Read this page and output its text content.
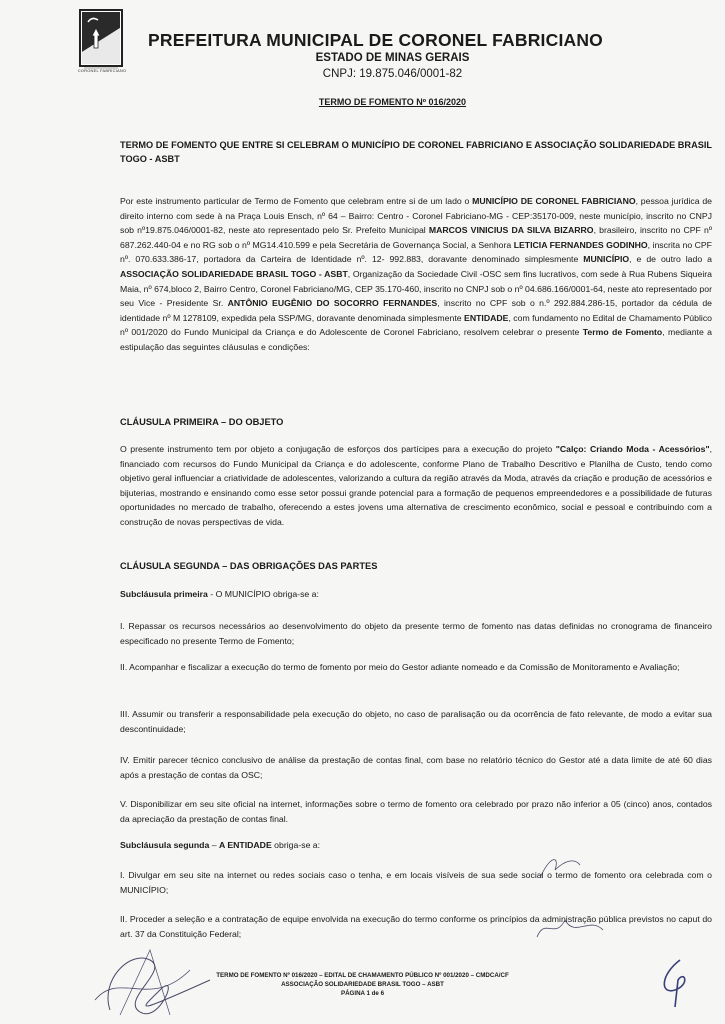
CORONEL FABRICIANO
PREFEITURA MUNICIPAL DE CORONEL FABRICIANO
ESTADO DE MINAS GERAIS
CNPJ: 19.875.046/0001-82
TERMO DE FOMENTO Nº 016/2020
TERMO DE FOMENTO QUE ENTRE SI CELEBRAM O MUNICÍPIO DE CORONEL FABRICIANO E ASSOCIAÇÃO SOLIDARIEDADE BRASIL TOGO - ASBT
Por este instrumento particular de Termo de Fomento que celebram entre si de um lado o MUNICÍPIO DE CORONEL FABRICIANO, pessoa jurídica de direito interno com sede à na Praça Louis Ensch, nº 64 – Bairro: Centro - Coronel Fabriciano-MG - CEP:35170-009, neste município, inscrito no CNPJ sob nº19.875.046/0001-82, neste ato representado pelo Sr. Prefeito Municipal MARCOS VINICIUS DA SILVA BIZARRO, brasileiro, inscrito no CPF nº 687.262.440-04 e no RG sob o nº MG14.410.599 e pela Secretária de Governança Social, a Senhora LETICIA FERNANDES GODINHO, inscrita no CPF nº. 070.633.386-17, portadora da Carteira de Identidade nº. 12- 992.883, doravante denominado simplesmente MUNICÍPIO, e de outro lado a ASSOCIAÇÃO SOLIDARIEDADE BRASIL TOGO - ASBT, Organização da Sociedade Civil -OSC sem fins lucrativos, com sede à Rua Rubens Siqueira Maia, nº 674,bloco 2, Bairro Centro, Coronel Fabriciano/MG, CEP 35.170-460, inscrito no CNPJ sob o nº 04.686.166/0001-64, neste ato representado por seu Vice - Presidente Sr. ANTÔNIO EUGÊNIO DO SOCORRO FERNANDES, inscrito no CPF sob o n.º 292.884.286-15, portador da cédula de identidade nº M 1278109, expedida pela SSP/MG, doravante denominada simplesmente ENTIDADE, com fundamento no Edital de Chamamento Público nº 001/2020 do Fundo Municipal da Criança e do Adolescente de Coronel Fabriciano, resolvem celebrar o presente Termo de Fomento, mediante a estipulação das seguintes cláusulas e condições:
CLÁUSULA PRIMEIRA – DO OBJETO
O presente instrumento tem por objeto a conjugação de esforços dos partícipes para a execução do projeto "Calço: Criando Moda - Acessórios", financiado com recursos do Fundo Municipal da Criança e do adolescente, conforme Plano de Trabalho Descritivo e Planilha de Custo, tendo como objetivo geral influenciar a criatividade de adolescentes, valorizando a cultura da região através da Moda, através da criação e produção de acessórios e bijuterias, mostrando e ensinando como esse setor possui grande potencial para a formação de pequenos empreendedores e a possibilidade de futuras oportunidades no mercado de trabalho, oferecendo a estes jovens uma alternativa de crescimento econômico, social e pessoal e contribuindo com a construção de novas perspectivas de vida.
CLÁUSULA SEGUNDA – DAS OBRIGAÇÕES DAS PARTES
Subcláusula primeira - O MUNICÍPIO obriga-se a:
I. Repassar os recursos necessários ao desenvolvimento do objeto da presente termo de fomento nas datas definidas no cronograma de financeiro especificado no presente Termo de Fomento;
II. Acompanhar e fiscalizar a execução do termo de fomento por meio do Gestor adiante nomeado e da Comissão de Monitoramento e Avaliação;
III. Assumir ou transferir a responsabilidade pela execução do objeto, no caso de paralisação ou da ocorrência de fato relevante, de modo a evitar sua descontinuidade;
IV. Emitir parecer técnico conclusivo de análise da prestação de contas final, com base no relatório técnico do Gestor até a data limite de até 60 dias após a prestação de contas da OSC;
V. Disponibilizar em seu site oficial na internet, informações sobre o termo de fomento ora celebrado por prazo não inferior a 05 (cinco) anos, contados da apreciação da prestação de contas final.
Subcláusula segunda – A ENTIDADE obriga-se a:
I. Divulgar em seu site na internet ou redes sociais caso o tenha, e em locais visíveis de sua sede social o termo de fomento ora celebrada com o MUNICÍPIO;
II. Proceder a seleção e a contratação de equipe envolvida na execução do termo conforme os princípios da administração pública previstos no caput do art. 37 da Constituição Federal;
TERMO DE FOMENTO Nº 016/2020 – EDITAL DE CHAMAMENTO PÚBLICO Nº 001/2020 – CMDCA/CF
ASSOCIAÇÃO SOLIDARIEDADE BRASIL TOGO – ASBT
PÁGINA 1 de 6
